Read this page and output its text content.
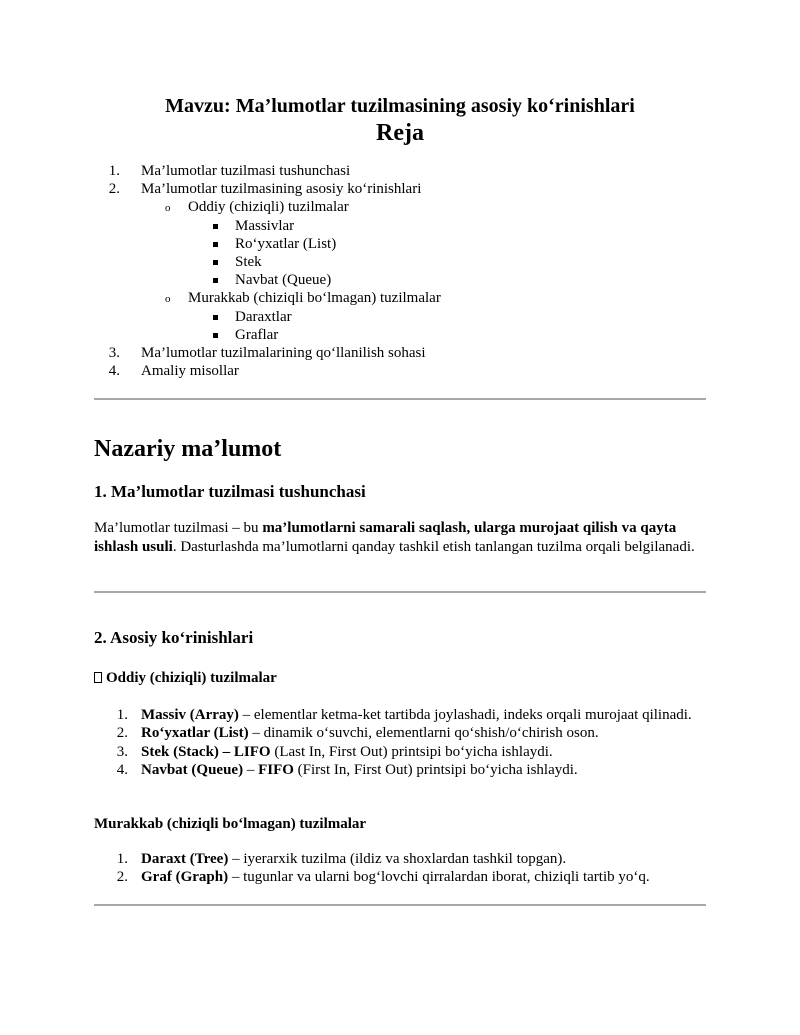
Mavzu: Ma’lumotlar tuzilmasining asosiy ko‘rinishlari
Reja
1. Ma’lumotlar tuzilmasi tushunchasi
2. Ma’lumotlar tuzilmasining asosiy ko‘rinishlari
o Oddiy (chiziqli) tuzilmalar
Massivlar
Ro‘yxatlar (List)
Stek
Navbat (Queue)
o Murakkab (chiziqli bo‘lmagan) tuzilmalar
Daraxtlar
Graflar
3. Ma’lumotlar tuzilmalarining qo‘llanilish sohasi
4. Amaliy misollar
Nazariy ma’lumot
1. Ma’lumotlar tuzilmasi tushunchasi

Ma’lumotlar tuzilmasi – bu ma’lumotlarni samarali saqlash, ularga murojaat qilish va qayta ishlash usuli. Dasturlashda ma’lumotlarni qanday tashkil etish tanlangan tuzilma orqali belgilanadi.

2. Asosiy ko‘rinishlari
Oddiy (chiziqli) tuzilmalar
1. Massiv (Array) – elementlar ketma-ket tartibda joylashadi, indeks orqali murojaat qilinadi.
2. Ro‘yxatlar (List) – dinamik o‘suvchi, elementlarni qo‘shish/o‘chirish oson.
3. Stek (Stack) – LIFO (Last In, First Out) printsipi bo‘yicha ishlaydi.
4. Navbat (Queue) – FIFO (First In, First Out) printsipi bo‘yicha ishlaydi.
Murakkab (chiziqli bo‘lmagan) tuzilmalar
1. Daraxt (Tree) – iyerarxik tuzilma (ildiz va shoxlardan tashkil topgan).
2. Graf (Graph) – tugunlar va ularni bog‘lovchi qirralardan iborat, chiziqli tartib yo‘q.
